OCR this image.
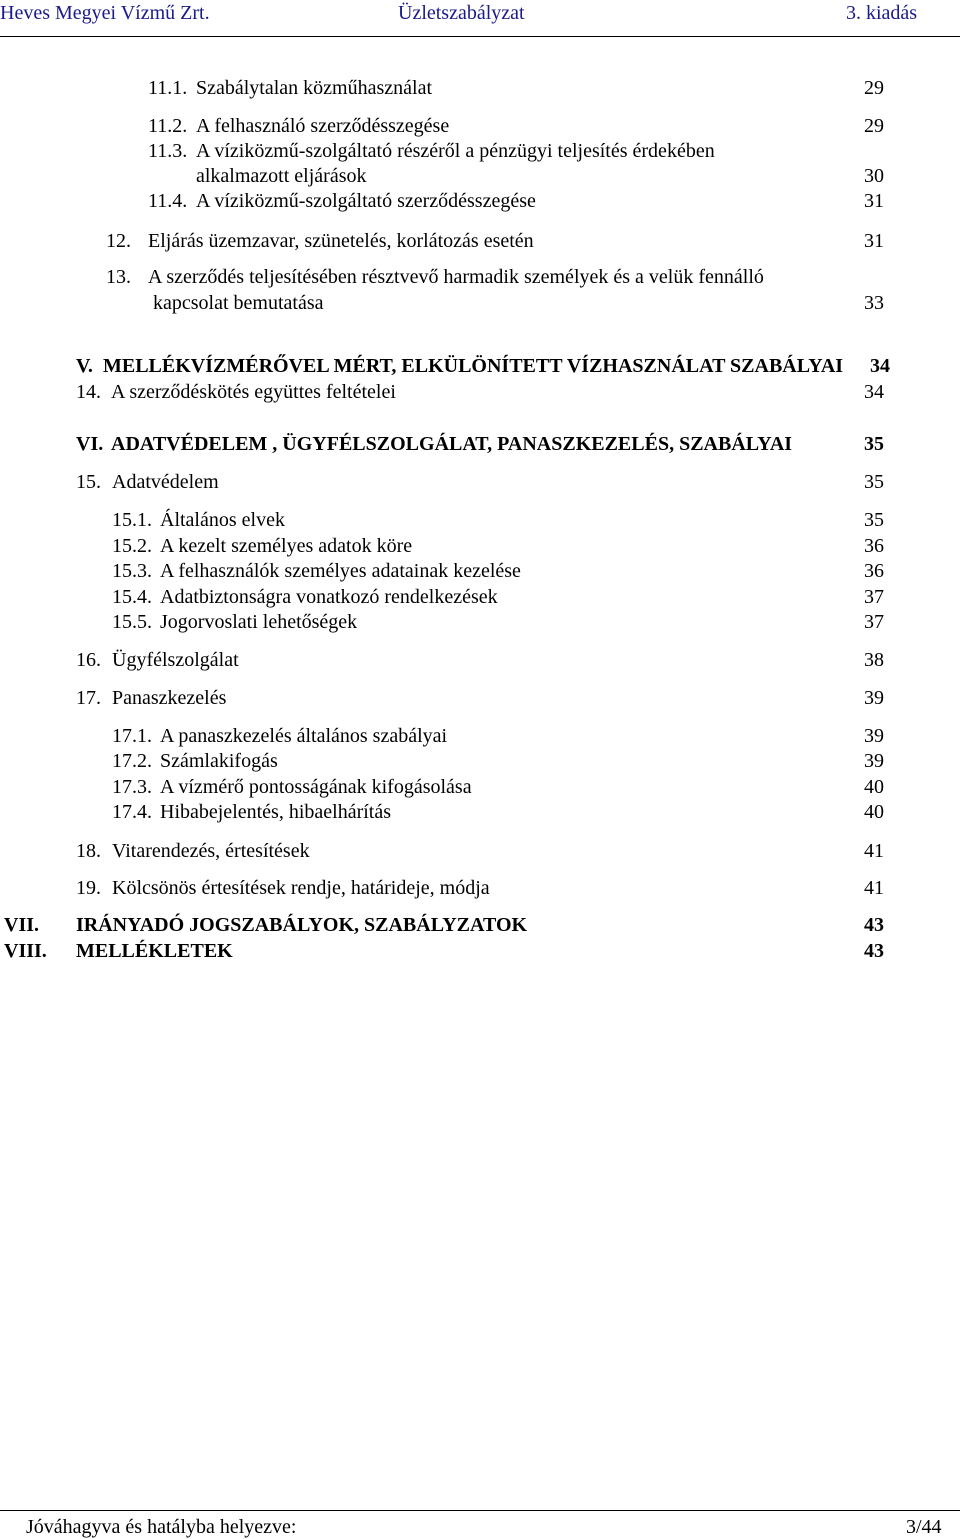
Heves Megyei Vízmű Zrt.	Üzletszabályzat	3. kiadás
11.1. Szabálytalan közműhasználat	29
11.2. A felhasználó szerződésszegése	29
11.3. A víziközmű-szolgáltató részéről a pénzügyi teljesítés érdekében
alkalmazott eljárások	30
11.4. A víziközmű-szolgáltató szerződésszegése	31
12. Eljárás üzemzavar, szünetelés, korlátozás esetén	31
13. A szerződés teljesítésében résztvevő harmadik személyek és a velük fennálló
kapcsolat bemutatása	33
V. MELLÉKVÍZMÉRŐVEL MÉRT, ELKÜLÖNÍTETT VÍZHASZNÁLAT SZABÁLYAI 34
14. A szerződéskötés együttes feltételei	34
VI. ADATVÉDELEM , ÜGYFÉLSZOLGÁLAT, PANASZKEZELÉS, SZABÁLYAI	35
15. Adatvédelem	35
15.1. Általános elvek	35
15.2. A kezelt személyes adatok köre	36
15.3. A felhasználók személyes adatainak kezelése	36
15.4. Adatbiztonságra vonatkozó rendelkezések	37
15.5. Jogorvoslati lehetőségek	37
16. Ügyfélszolgálat	38
17. Panaszkezelés	39
17.1. A panaszkezelés általános szabályai	39
17.2. Számlakifogás	39
17.3. A vízmérő pontosságának kifogásolása	40
17.4. Hibabejelentés, hibaelhárítás	40
18. Vitarendezés, értesítések	41
19. Kölcsönös értesítések rendje, határideje, módja	41
VII. IRÁNYADÓ JOGSZABÁLYOK, SZABÁLYZATOK	43
VIII. MELLÉKLETEK	43
Jóváhagyva és hatályba helyezve:	3/44
